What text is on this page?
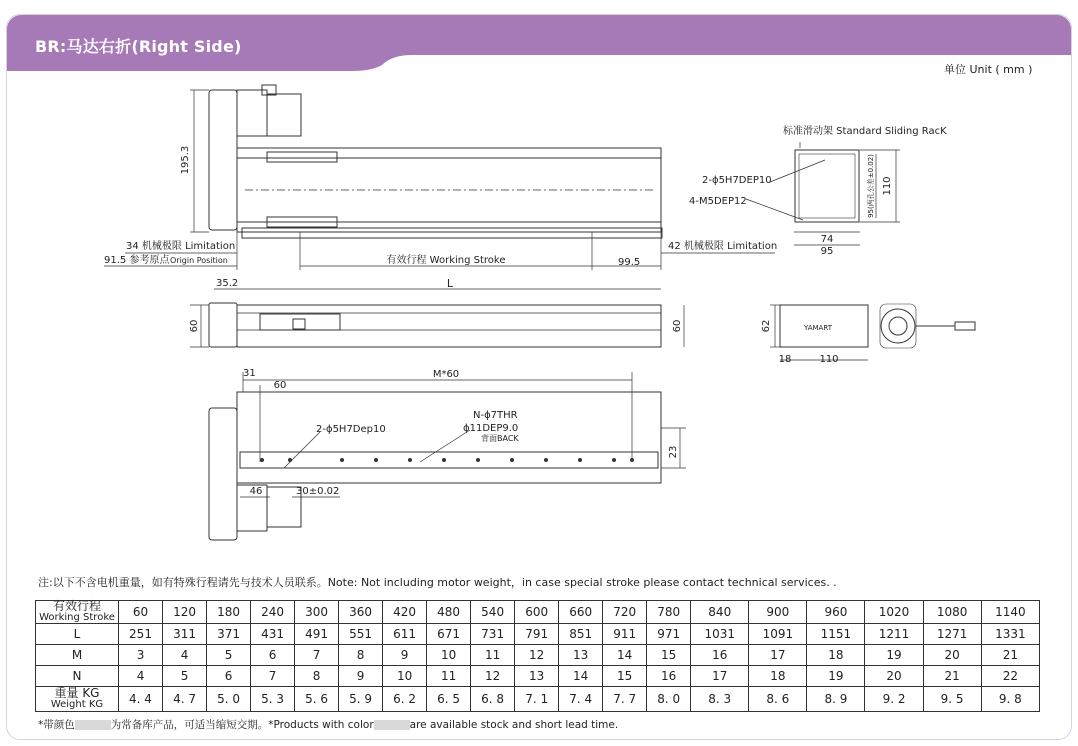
BR:马达右折(Right Side)
单位 Unit ( mm )
195.3
34 机械极限 Limitation
91.5 参考原点 Origin Position	有效行程 Working Stroke	99.5
42 机械极限 Limitation
标准滑动架 Standard Sliding RacK
2-ϕ5H7DEP10
4-M5DEP12
74
95
110
95(两孔公差±0.02)
35.2	L
60	60	YAMART
62
18	110
31
60
M*60
N-ϕ7THR
ϕ11DEP9.0
背面BACK
2-ϕ5H7Dep10
23
46	30±0.02
注:以下不含电机重量，如有特殊行程请先与技术人员联系。Note: Not including motor weight，in case special stroke please contact technical services. .
有效行程
Working Stroke	60	120	180	240	300	360	420	480	540	600	660	720	780	840	900	960	1020	1080	1140
L	251	311	371	431	491	551	611	671	731	791	851	911	971	1031	1091	1151	1211	1271	1331
M	3	4	5	6	7	8	9	10	11	12	13	14	15	16	17	18	19	20	21
N	4	5	6	7	8	9	10	11	12	13	14	15	16	17	18	19	20	21	22

重量 KG
Weight KG	4. 4	4. 7	5. 0	5. 3	5. 6	5. 9	6. 2	6. 5	6. 8	7. 1	7. 4	7. 7	8. 0	8. 3	8. 6	8. 9	9. 2	9. 5	9. 8
*带颜色	为常备库产品，可适当缩短交期。*Products with color	are available stock and short lead time.
